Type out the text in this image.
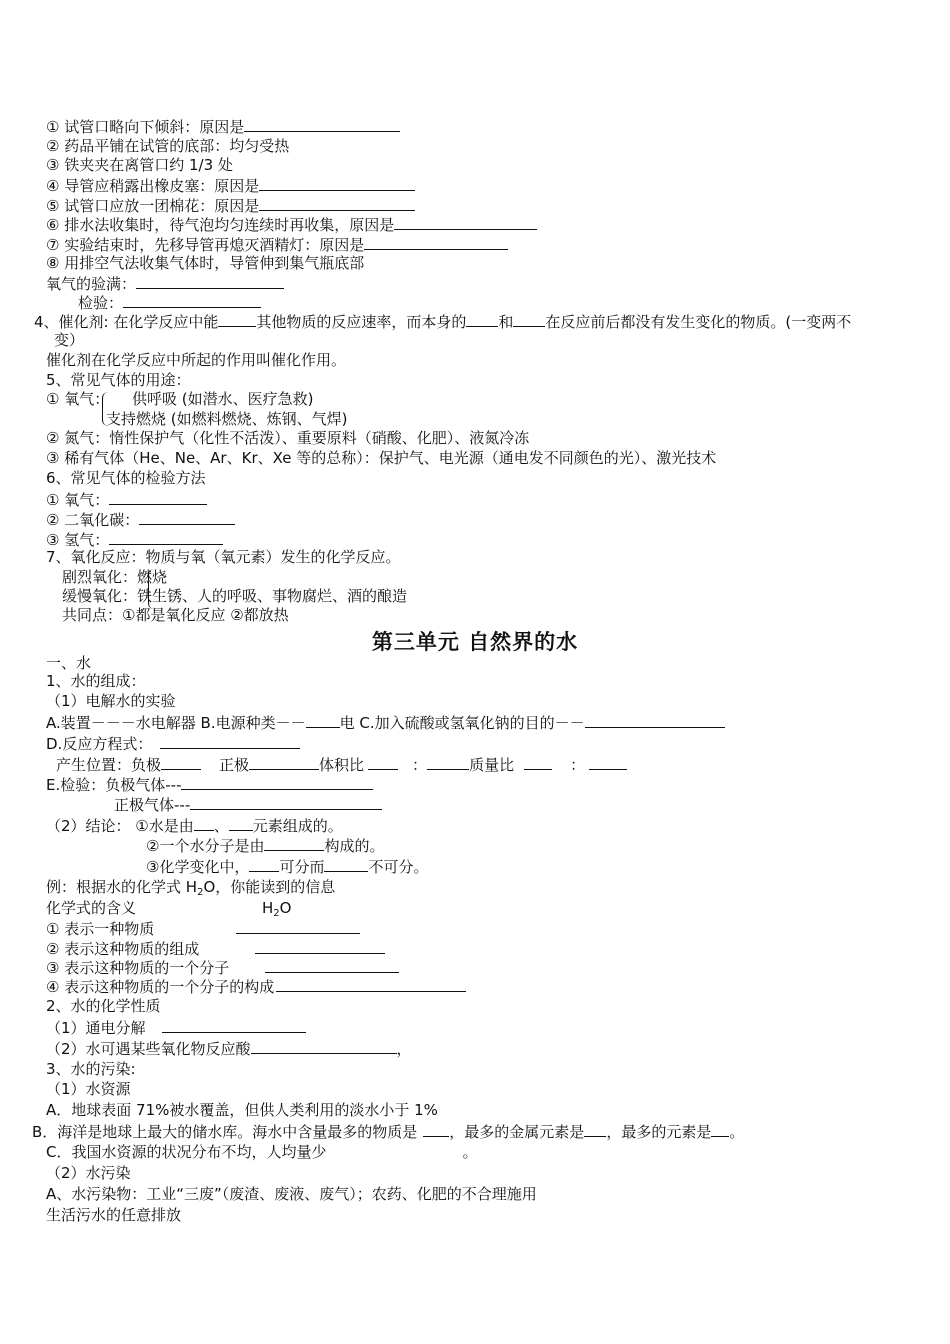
① 试管口略向下倾斜：原因是
② 药品平铺在试管的底部：均匀受热
③ 铁夹夹在离管口约 1/3 处
④ 导管应稍露出橡皮塞：原因是
⑤ 试管口应放一团棉花：原因是
⑥ 排水法收集时，待气泡均匀连续时再收集，原因是
⑦ 实验结束时，先移导管再熄灭酒精灯：原因是
⑧ 用排空气法收集气体时，导管伸到集气瓶底部
氧气的验满：
检验：
4、催化剂: 在化学反应中能	其他物质的反应速率，而本身的 和 在反应前后都没有发生变化的物质。(一变两不
变）
催化剂在化学反应中所起的作用叫催化作用。
5、常见气体的用途：
① 氧气： 供呼吸 (如潜水、医疗急救)
支持燃烧 (如燃料燃烧、炼钢、气焊)
② 氮气：惰性保护气（化性不活泼）、重要原料（硝酸、化肥）、液氮冷冻
③ 稀有气体（He、Ne、Ar、Kr、Xe 等的总称）：保护气、电光源（通电发不同颜色的光）、激光技术
6、常见气体的检验方法
① 氧气：
② 二氧化碳：
③ 氢气：
7、氧化反应：物质与氧（氧元素）发生的化学反应。
剧烈氧化：燃烧
缓慢氧化：铁生锈、人的呼吸、事物腐烂、酒的酿造
共同点：①都是氧化反应 ②都放热
第三单元 自然界的水
一、水
1、水的组成：
（1）电解水的实验
A.装置－－－水电解器 B.电源种类－－ 电 C.加入硫酸或氢氧化钠的目的－－
D.反应方程式：
产生位置：负极	正极	体积比	：	质量比	：
E.检验：负极气体---
正极气体---
（2）结论： ①水是由 、 元素组成的。
②一个水分子是由	构成的。
③化学变化中， 可分而	不可分。
例：根据水的化学式 $H_2O$，你能读到的信息
化学式的含义	$H_2O$
① 表示一种物质
② 表示这种物质的组成
③ 表示这种物质的一个分子
④ 表示这种物质的一个分子的构成
2、水的化学性质
（1）通电分解
（2）水可遇某些氧化物反应酸	，
3、水的污染:
（1）水资源
A．地球表面 71%被水覆盖，但供人类利用的淡水小于 1%
B．海洋是地球上最大的储水库。海水中含量最多的物质是 ，最多的金属元素是 ，最多的元素是 。
C．我国水资源的状况分布不均，人均量少	。
（2）水污染
A、水污染物：工业“三废”（废渣、废液、废气）；农药、化肥的不合理施用
生活污水的任意排放
